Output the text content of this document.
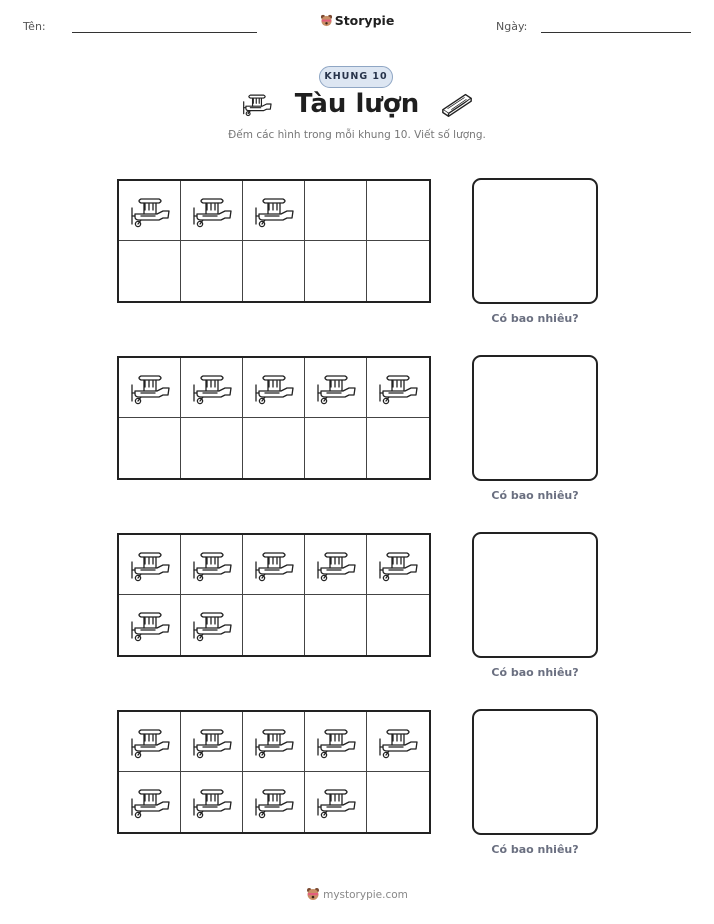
Tên:	Storypie	Ngày:
KHUNG 10
Tàu lượn
Đếm các hình trong mỗi khung 10. Viết số lượng.
Có bao nhiêu?
Có bao nhiêu?
Có bao nhiêu?
Có bao nhiêu?
mystorypie.com
